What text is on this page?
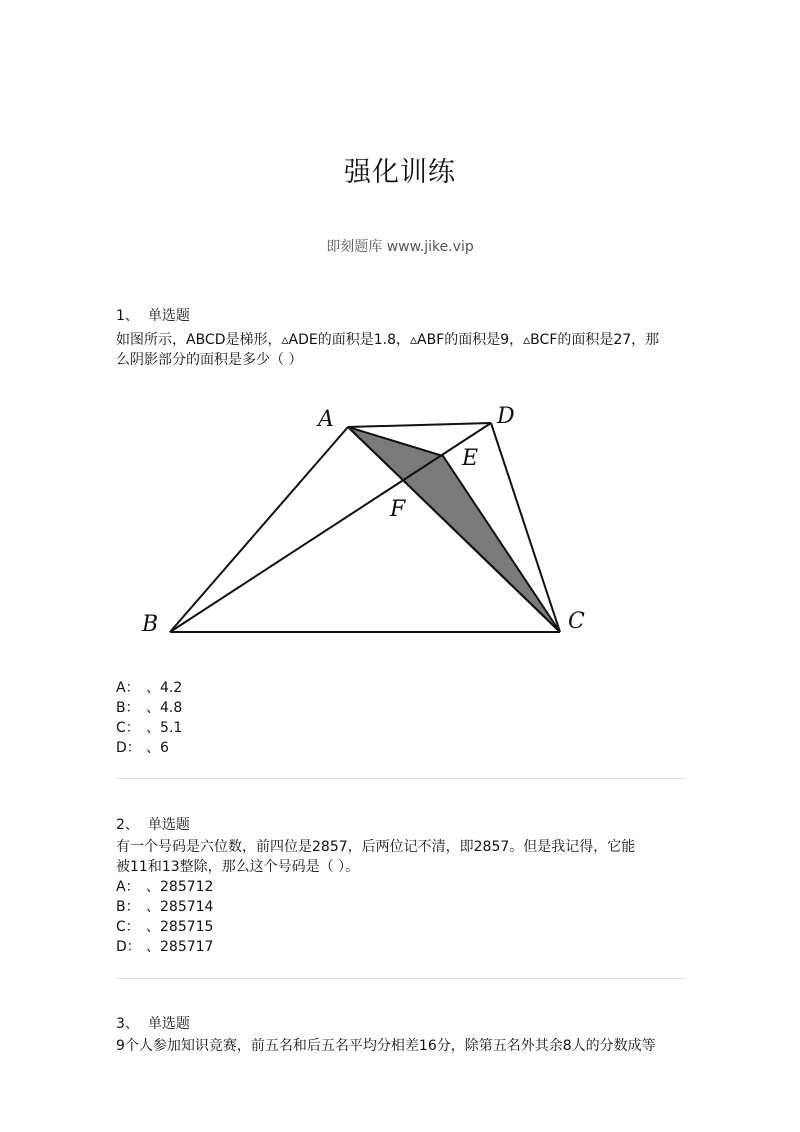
强化训练
即刻题库 www.jike.vip
1、 单选题
如图所示，ABCD是梯形，▵ADE的面积是1.8，▵ABF的面积是9，▵BCF的面积是27，那
么阴影部分的面积是多少（ ）
A	D
E
F
B	C
A： 、4.2
B： 、4.8
C： 、5.1
D： 、6
2、 单选题
有一个号码是六位数，前四位是2857，后两位记不清，即2857。但是我记得，它能
被11和13整除，那么这个号码是（ ）。
A： 、285712
B： 、285714
C： 、285715
D： 、285717
3、 单选题
9个人参加知识竞赛，前五名和后五名平均分相差16分，除第五名外其余8人的分数成等
